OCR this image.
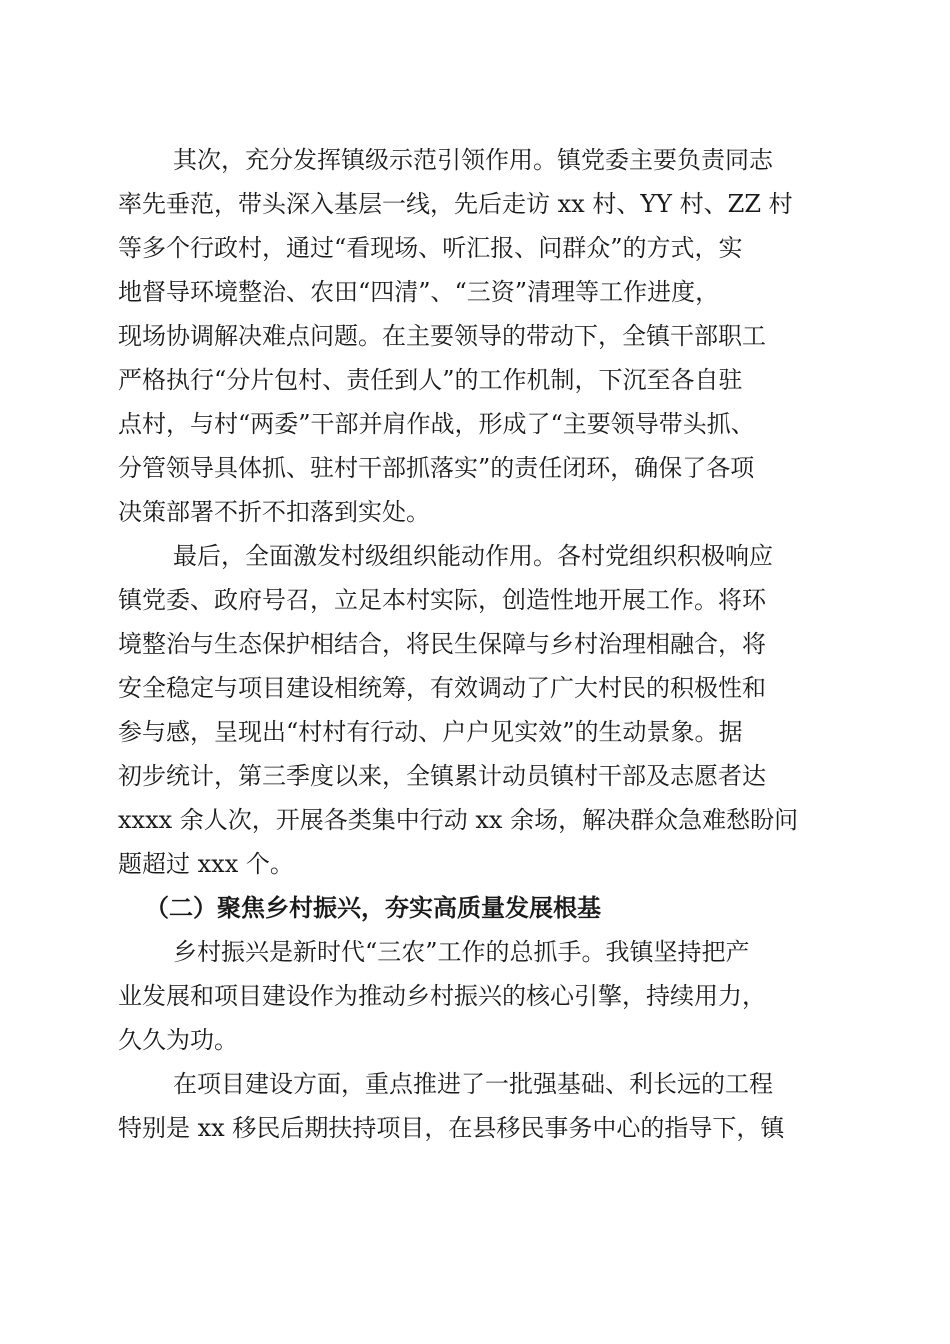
其次，充分发挥镇级示范引领作用。镇党委主要负责同志
率先垂范，带头深入基层一线，先后走访 xx 村、YY 村、ZZ 村
等多个行政村，通过“看现场、听汇报、问群众”的方式，实
地督导环境整治、农田“四清”、“三资”清理等工作进度，
现场协调解决难点问题。在主要领导的带动下，全镇干部职工
严格执行“分片包村、责任到人”的工作机制，下沉至各自驻
点村，与村“两委”干部并肩作战，形成了“主要领导带头抓、
分管领导具体抓、驻村干部抓落实”的责任闭环，确保了各项
决策部署不折不扣落到实处。
最后，全面激发村级组织能动作用。各村党组织积极响应
镇党委、政府号召，立足本村实际，创造性地开展工作。将环
境整治与生态保护相结合，将民生保障与乡村治理相融合，将
安全稳定与项目建设相统筹，有效调动了广大村民的积极性和
参与感，呈现出“村村有行动、户户见实效”的生动景象。据
初步统计，第三季度以来，全镇累计动员镇村干部及志愿者达
xxxx 余人次，开展各类集中行动 xx 余场，解决群众急难愁盼问
题超过 xxx 个。
（二）聚焦乡村振兴，夯实高质量发展根基
乡村振兴是新时代“三农”工作的总抓手。我镇坚持把产
业发展和项目建设作为推动乡村振兴的核心引擎，持续用力，
久久为功。
在项目建设方面，重点推进了一批强基础、利长远的工程
特别是 xx 移民后期扶持项目，在县移民事务中心的指导下，镇
